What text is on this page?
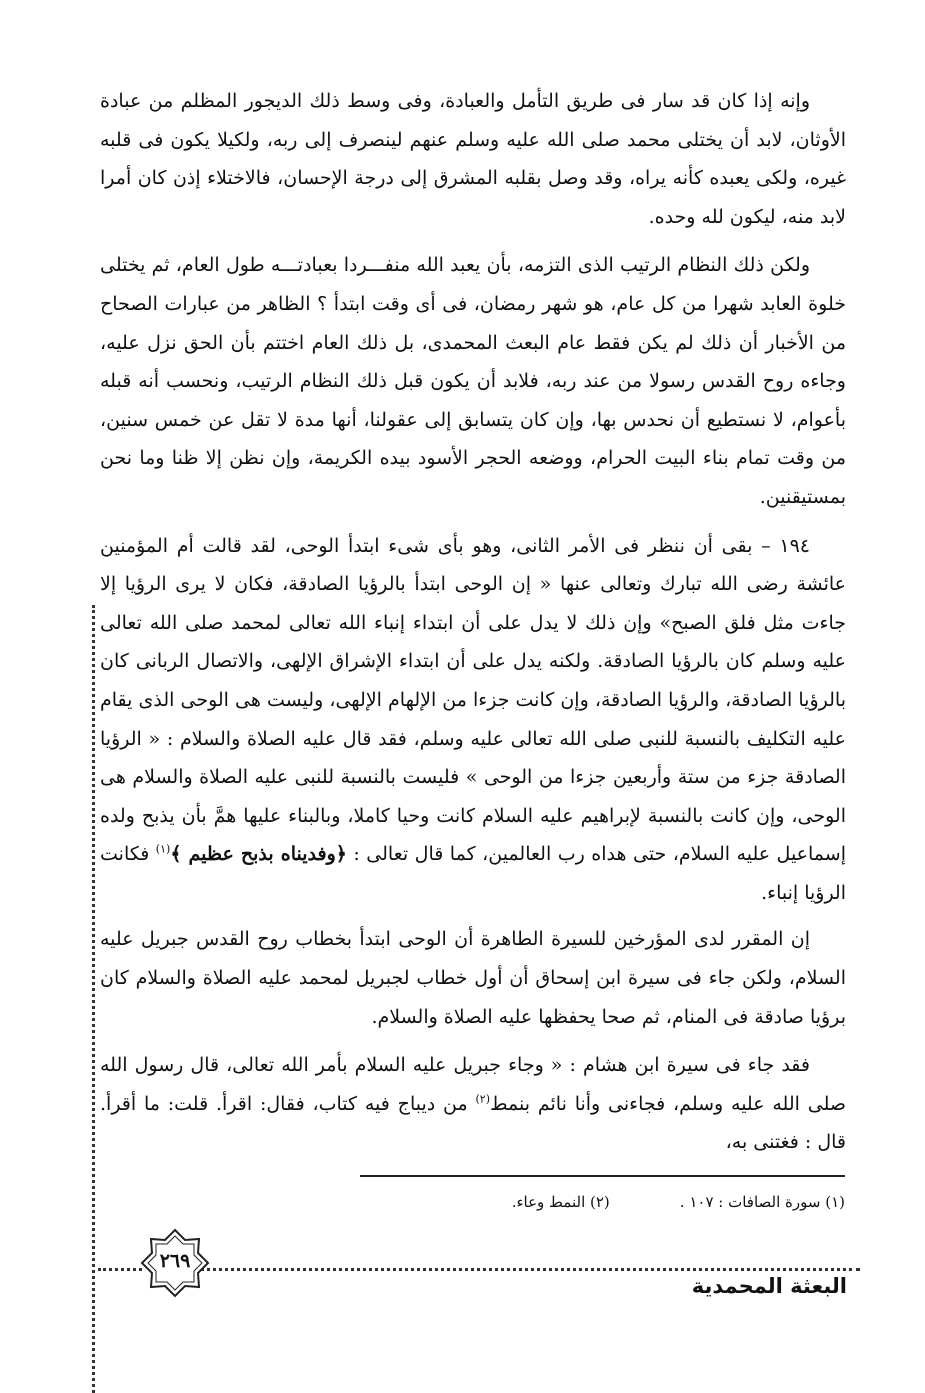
وإنه إذا كان قد سار فى طريق التأمل والعبادة، وفى وسط ذلك الديجور المظلم من عبادة الأوثان، لابد أن يختلى محمد صلى الله عليه وسلم عنهم لينصرف إلى ربه، ولكيلا يكون فى قلبه غيره، ولكى يعبده كأنه يراه، وقد وصل بقلبه المشرق إلى درجة الإحسان، فالاختلاء إذن كان أمرا لابد منه، ليكون لله وحده.

ولكن ذلك النظام الرتيب الذى التزمه، بأن يعبد الله منفـــردا بعبادتـــه طول العام، ثم يختلى خلوة العابد شهرا من كل عام، هو شهر رمضان، فى أى وقت ابتدأ ؟ الظاهر من عبارات الصحاح من الأخبار أن ذلك لم يكن فقط عام البعث المحمدى، بل ذلك العام اختتم بأن الحق نزل عليه، وجاءه روح القدس رسولا من عند ربه، فلابد أن يكون قبل ذلك النظام الرتيب، ونحسب أنه قبله بأعوام، لا نستطيع أن نحدس بها، وإن كان يتسابق إلى عقولنا، أنها مدة لا تقل عن خمس سنين، من وقت تمام بناء البيت الحرام، ووضعه الحجر الأسود بيده الكريمة، وإن نظن إلا ظنا وما نحن بمستيقنين.

١٩٤ – بقى أن ننظر فى الأمر الثانى، وهو بأى شىء ابتدأ الوحى، لقد قالت أم المؤمنين عائشة رضى الله تبارك وتعالى عنها « إن الوحى ابتدأ بالرؤيا الصادقة، فكان لا يرى الرؤيا إلا جاءت مثل فلق الصبح» وإن ذلك لا يدل على أن ابتداء إنباء الله تعالى لمحمد صلى الله تعالى عليه وسلم كان بالرؤيا الصادقة. ولكنه يدل على أن ابتداء الإشراق الإلهى، والاتصال الربانى كان بالرؤيا الصادقة، والرؤيا الصادقة، وإن كانت جزءا من الإلهام الإلهى، وليست هى الوحى الذى يقام عليه التكليف بالنسبة للنبى صلى الله تعالى عليه وسلم، فقد قال عليه الصلاة والسلام : « الرؤيا الصادقة جزء من ستة وأربعين جزءا من الوحى » فليست بالنسبة للنبى عليه الصلاة والسلام هى الوحى، وإن كانت بالنسبة لإبراهيم عليه السلام كانت وحيا كاملا، وبالبناء عليها همَّ بأن يذبح ولده إسماعيل عليه السلام، حتى هداه رب العالمين، كما قال تعالى : ﴿وفديناه بذبح عظيم ﴾$^{(١)}$ فكانت الرؤيا إنباء.

إن المقرر لدى المؤرخين للسيرة الطاهرة أن الوحى ابتدأ بخطاب روح القدس جبريل عليه السلام، ولكن جاء فى سيرة ابن إسحاق أن أول خطاب لجبريل لمحمد عليه الصلاة والسلام كان برؤيا صادقة فى المنام، ثم صحا يحفظها عليه الصلاة والسلام.

فقد جاء فى سيرة ابن هشام : « وجاء جبريل عليه السلام بأمر الله تعالى، قال رسول الله صلى الله عليه وسلم، فجاءنى وأنا نائم بنمط$^{(٢)}$ من ديباج فيه كتاب، فقال: اقرأ. قلت: ما أقرأ. قال : فغتنى به،

(١) سورة الصافات : ١٠٧ .
(٢) النمط وعاء.
٢٦٩
البعثة المحمدية
